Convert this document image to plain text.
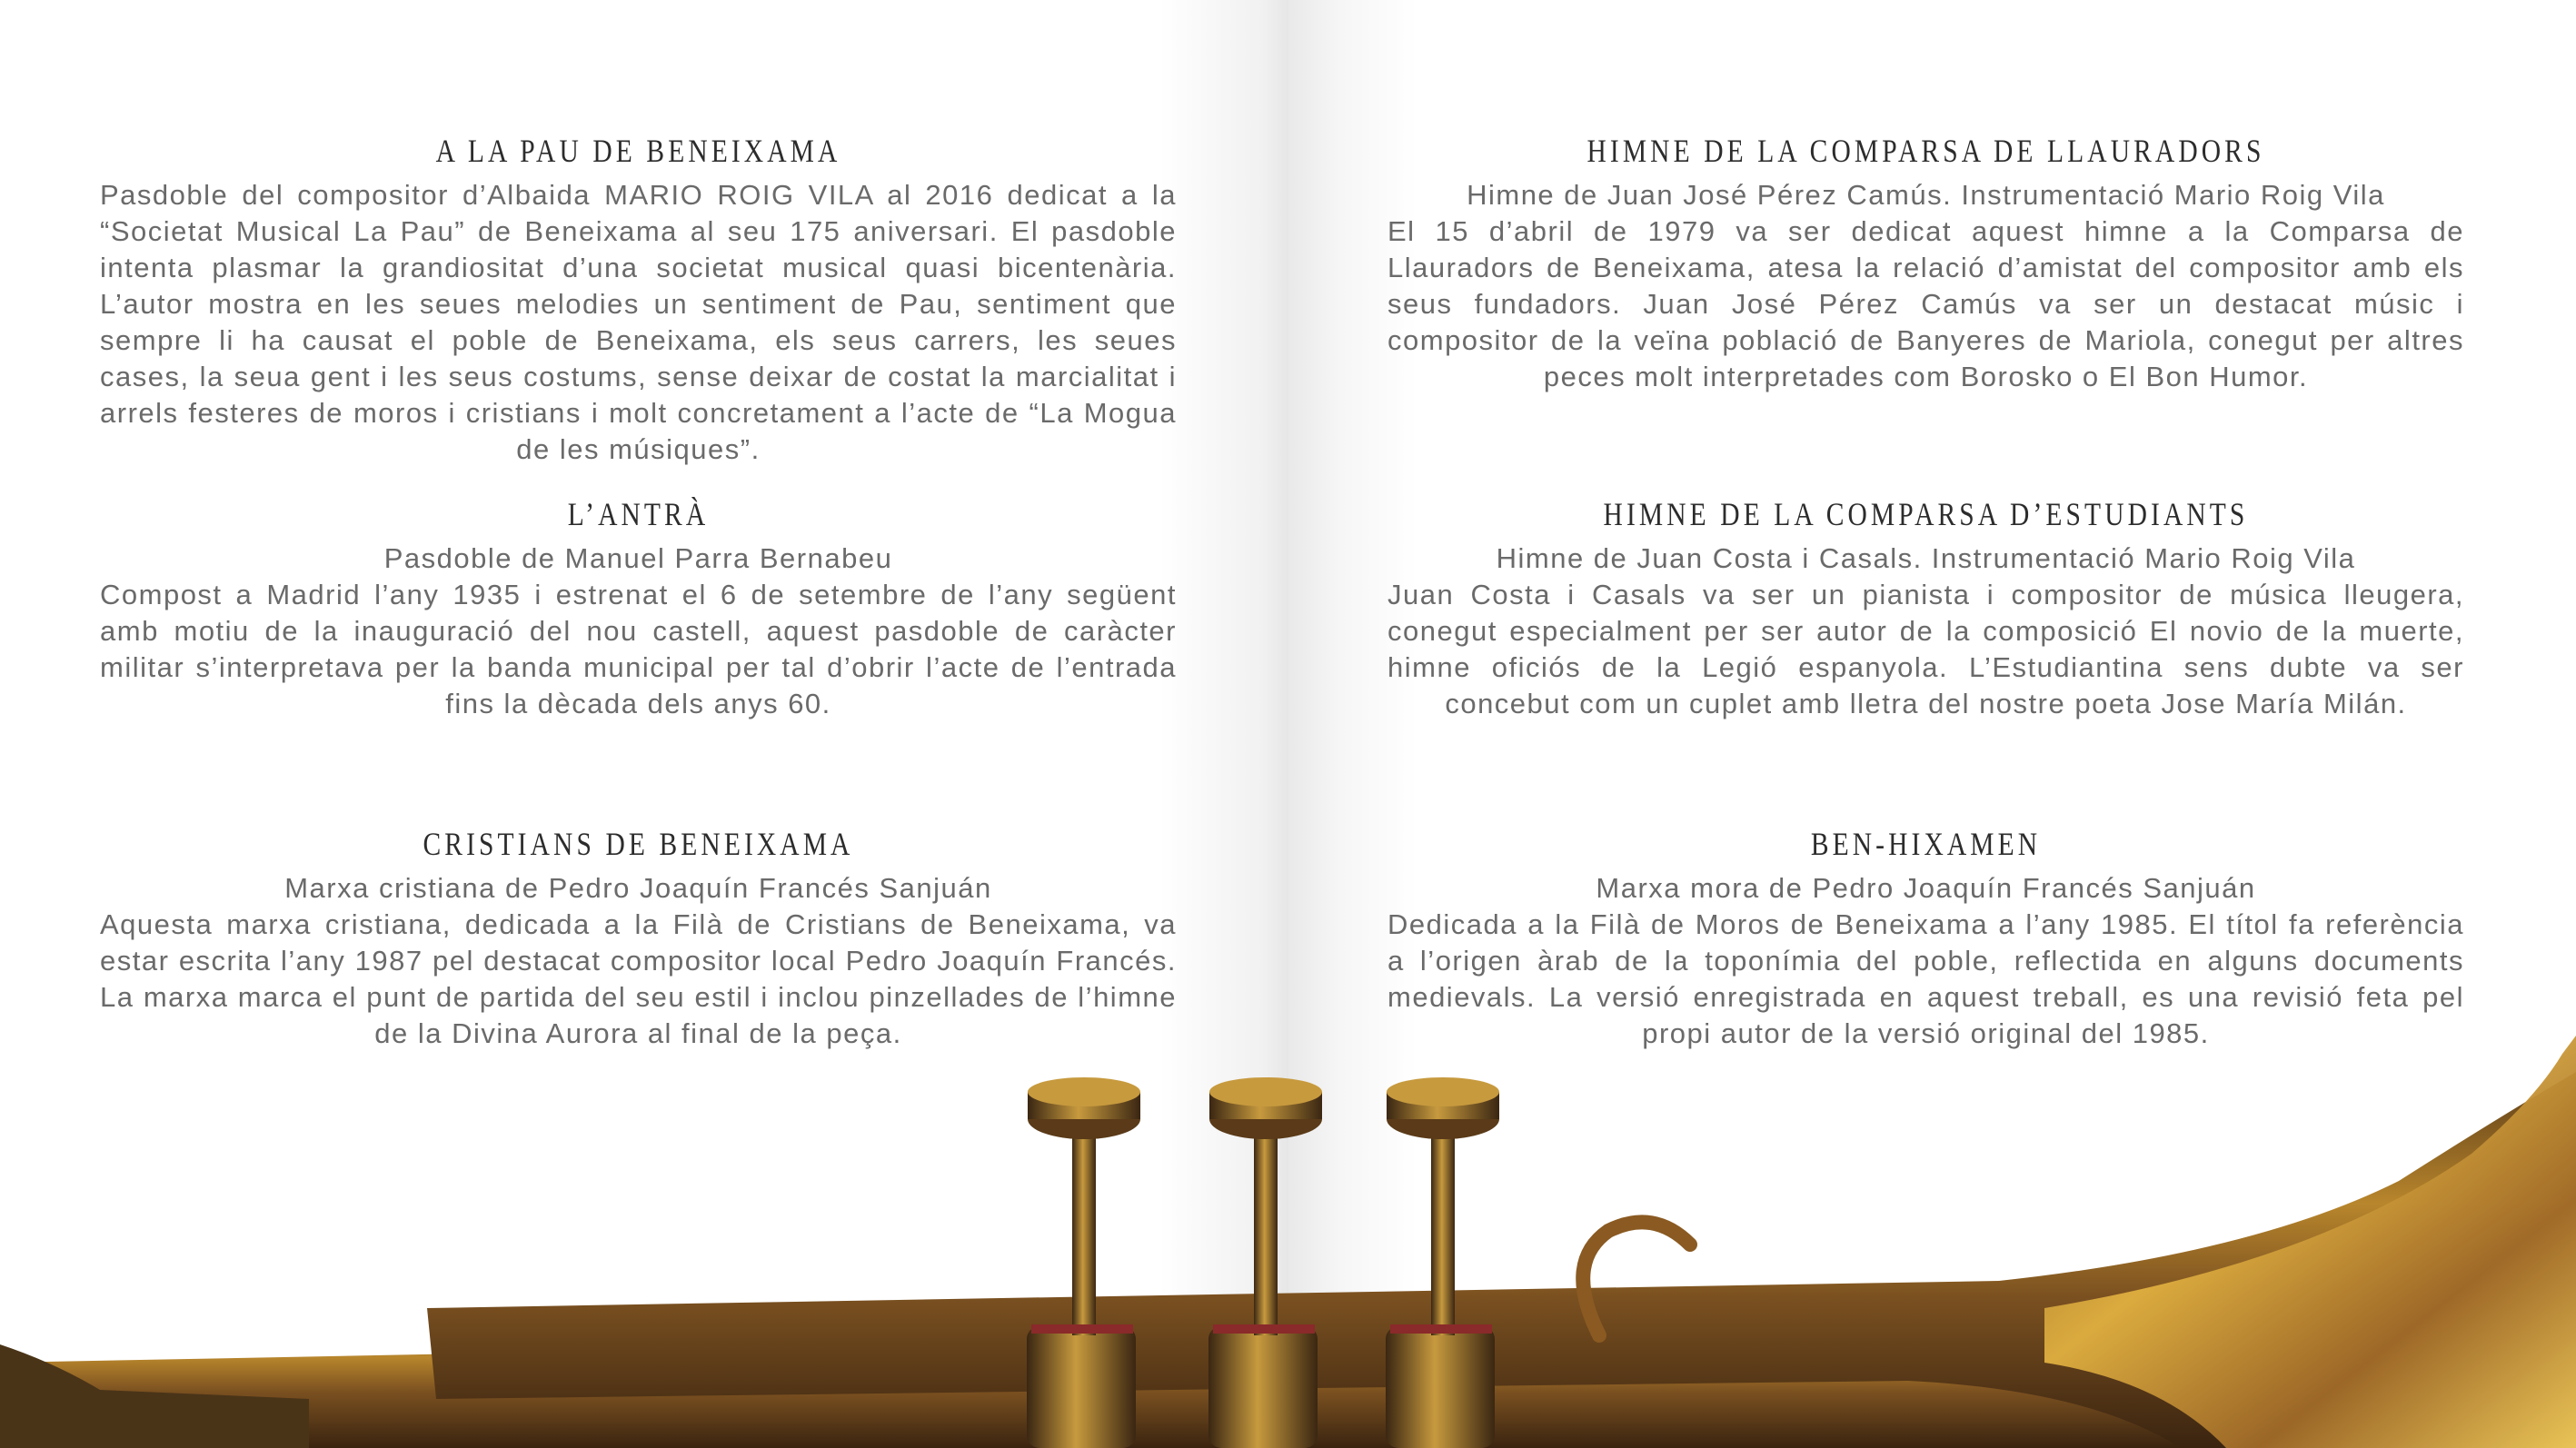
A LA PAU DE BENEIXAMA
Pasdoble del compositor d’Albaida MARIO ROIG VILA al 2016 dedicat a la “Societat Musical La Pau” de Beneixama al seu 175 aniversari. El pasdoble intenta plasmar la grandiositat d’una societat musical quasi bicentenària. L’autor mostra en les seues melodies un sentiment de Pau, sentiment que sempre li ha causat el poble de Beneixama, els seus carrers, les seues cases, la seua gent i les seus costums, sense deixar de costat la marcialitat i arrels festeres de moros i cristians i molt concretament a l’acte de “La Mogua de les músiques”.
L’ANTRÀ
Pasdoble de Manuel Parra Bernabeu
Compost a Madrid l’any 1935 i estrenat el 6 de setembre de l’any següent amb motiu de la inauguració del nou castell, aquest pasdoble de caràcter militar s’interpretava per la banda municipal per tal d’obrir l’acte de l’entrada fins la dècada dels anys 60.
CRISTIANS DE BENEIXAMA
Marxa cristiana de Pedro Joaquín Francés Sanjuán
Aquesta marxa cristiana, dedicada a la Filà de Cristians de Beneixama, va estar escrita l’any 1987 pel destacat compositor local Pedro Joaquín Francés. La marxa marca el punt de partida del seu estil i inclou pinzellades de l’himne de la Divina Aurora al final de la peça.
HIMNE DE LA COMPARSA DE LLAURADORS
Himne de Juan José Pérez Camús. Instrumentació Mario Roig Vila
El 15 d’abril de 1979 va ser dedicat aquest himne a la Comparsa de Llauradors de Beneixama, atesa la relació d’amistat del compositor amb els seus fundadors. Juan José Pérez Camús va ser un destacat músic i compositor de la veïna població de Banyeres de Mariola, conegut per altres peces molt interpretades com Borosko o El Bon Humor.
HIMNE DE LA COMPARSA D’ESTUDIANTS
Himne de Juan Costa i Casals. Instrumentació Mario Roig Vila
Juan Costa i Casals va ser un pianista i compositor de música lleugera, conegut especialment per ser autor de la composició El novio de la muerte, himne oficiós de la Legió espanyola. L’Estudiantina sens dubte va ser concebut com un cuplet amb lletra del nostre poeta Jose María Milán.
BEN-HIXAMEN
Marxa mora de Pedro Joaquín Francés Sanjuán
Dedicada a la Filà de Moros de Beneixama a l’any 1985. El títol fa referència a l’origen àrab de la toponímia del poble, reflectida en alguns documents medievals. La versió enregistrada en aquest treball, es una revisió feta pel propi autor de la versió original del 1985.
